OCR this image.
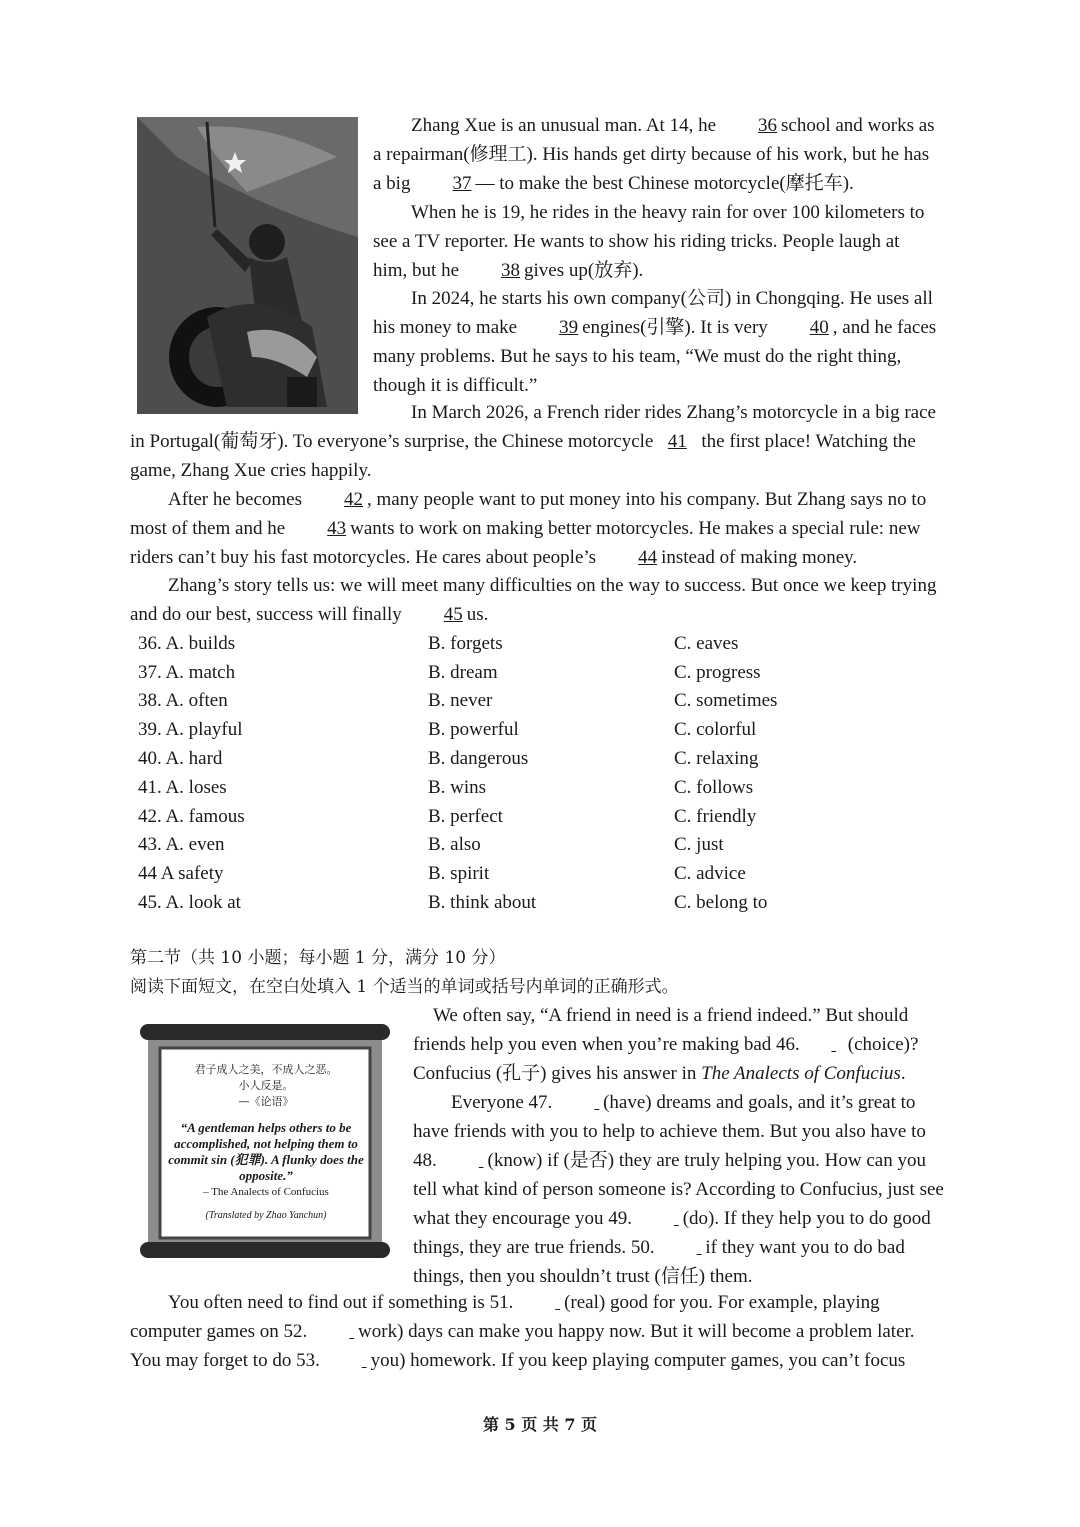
Zhang Xue is an unusual man. At 14, he 36 school and works as a repairman(修理工). His hands get dirty because of his work, but he has a big 37 — to make the best Chinese motorcycle(摩托车).

When he is 19, he rides in the heavy rain for over 100 kilometers to see a TV reporter. He wants to show his riding tricks. People laugh at him, but he 38 gives up(放弃).

In 2024, he starts his own company(公司) in Chongqing. He uses all his money to make 39 engines(引擎). It is very 40 , and he faces many problems. But he says to his team, “We must do the right thing, though it is difficult.”

In March 2026, a French rider rides Zhang’s motorcycle in a big race in Portugal(葡萄牙). To everyone’s surprise, the Chinese motorcycle 41 the first place! Watching the game, Zhang Xue cries happily.

After he becomes 42 , many people want to put money into his company. But Zhang says no to most of them and he 43 wants to work on making better motorcycles. He makes a special rule: new riders can’t buy his fast motorcycles. He cares about people’s 44 instead of making money.

Zhang’s story tells us: we will meet many difficulties on the way to success. But once we keep trying and do our best, success will finally 45 us.

36. A. builds	B. forgets	C. eaves
37. A. match	B. dream	C. progress
38. A. often	B. never	C. sometimes
39. A. playful	B. powerful	C. colorful
40. A. hard	B. dangerous	C. relaxing
41. A. loses	B. wins	C. follows
42. A. famous	B. perfect	C. friendly
43. A. even	B. also	C. just
44 A safety	B. spirit	C. advice
45. A. look at	B. think about	C. belong to
第二节（共 10 小题；每小题 1 分，满分 10 分）
阅读下面短文，在空白处填入 1 个适当的单词或括号内单词的正确形式。
君子成人之美，不成人之恶。
小人反是。
—《论语》
“A gentleman helps others to be accomplished, not helping them to commit sin (犯罪). A flunky does the opposite.”
– The Analects of Confucius
(Translated by Zhao Yanchun)

We often say, “A friend in need is a friend indeed.” But should friends help you even when you’re making bad 46.	(choice)? Confucius (孔子) gives his answer in The Analects of Confucius.

Everyone 47.	(have) dreams and goals, and it’s great to have friends with you to help to achieve them. But you also have to 48.	(know) if (是否) they are truly helping you. How can you tell what kind of person someone is? According to Confucius, just see what they encourage you 49.	(do). If they help you to do good things, they are true friends. 50.	if they want you to do bad things, then you shouldn’t trust (信任) them.

You often need to find out if something is 51.	(real) good for you. For example, playing computer games on 52.	work) days can make you happy now. But it will become a problem later. You may forget to do 53.	you) homework. If you keep playing computer games, you can’t focus

第 5 页 共 7 页
